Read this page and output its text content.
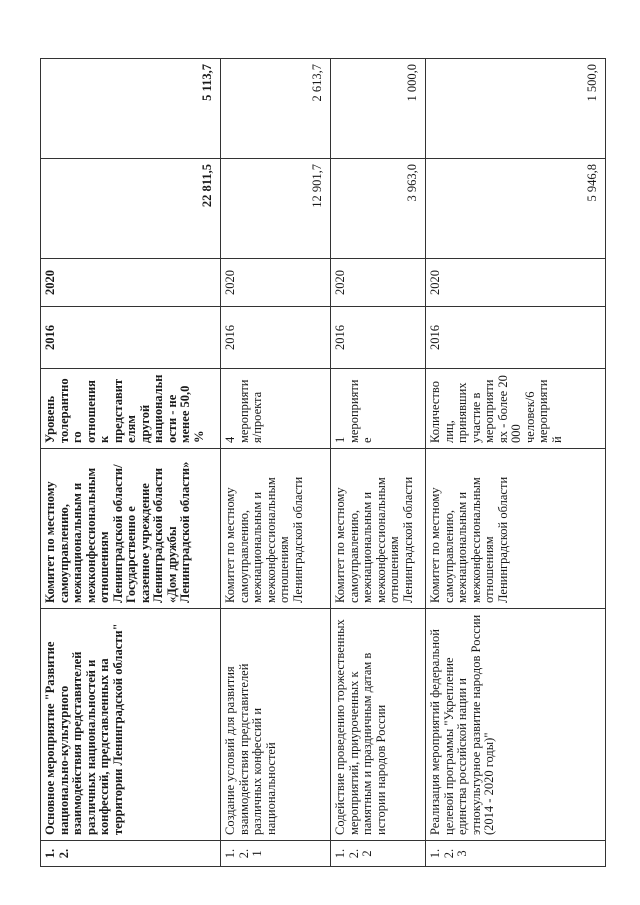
1.2.	Основное мероприятие "Развитие национально-культурного взаимодействия представителей различных национальностей и конфессий, представленных на территории Ленинградской области"	Комитет по местному самоуправлению, межнациональным и межконфессиональным отношениям Ленинградской области/Государственно е казенное учреждение Ленинградской области «Дом дружбы Ленинградской области»	Уровень толерантного отношения к представителям другой национальности - не менее 50,0 %	2016	2020	22 811,5	5 113,7
1.2.1	Создание условий для развития взаимодействия представителей различных конфессий и национальностей	Комитет по местному самоуправлению, межнациональным и межконфессиональным отношениям Ленинградской области	4 мероприятия/проекта	2016	2020	12 901,7	2 613,7
1.2.2	Содействие проведению торжественных мероприятий, приуроченных к памятным и праздничным датам в истории народов России	Комитет по местному самоуправлению, межнациональным и межконфессиональным отношениям Ленинградской области	1 мероприятие	2016	2020	3 963,0	1 000,0
1.2.3	Реализация мероприятий федеральной целевой программы "Укрепление единства российской нации и этнокультурное развитие народов России (2014 - 2020 годы)"	Комитет по местному самоуправлению, межнациональным и межконфессиональным отношениям Ленинградской области	Количество лиц, принявших участие в мероприятиях - более 20 000 человек/6 мероприятий	2016	2020	5 946,8	1 500,0
